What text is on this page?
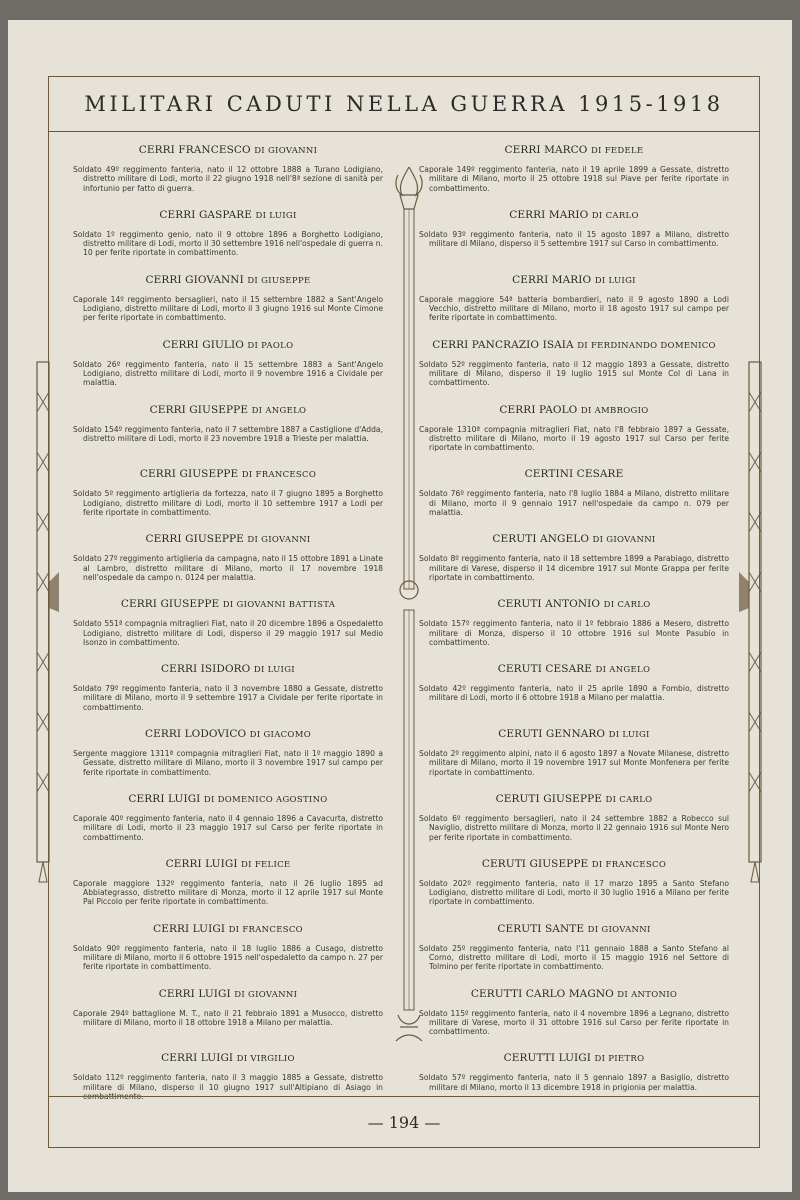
MILITARI CADUTI NELLA GUERRA 1915-1918
CERRI FRANCESCO DI GIOVANNI
Soldato 49º reggimento fanteria, nato il 12 ottobre 1888 a Turano Lodigiano, distretto militare di Lodi, morto il 22 giugno 1918 nell'8ª sezione di sanità per infortunio per fatto di guerra.
CERRI GASPARE DI LUIGI
Soldato 1º reggimento genio, nato il 9 ottobre 1896 a Borghetto Lodigiano, distretto militare di Lodi, morto il 30 settembre 1916 nell'ospedale di guerra n. 10 per ferite riportate in combattimento.
CERRI GIOVANNI DI GIUSEPPE
Caporale 14º reggimento bersaglieri, nato il 15 settembre 1882 a Sant'Angelo Lodigiano, distretto militare di Lodi, morto il 3 giugno 1916 sul Monte Cimone per ferite riportate in combattimento.
CERRI GIULIO DI PAOLO
Soldato 26º reggimento fanteria, nato il 15 settembre 1883 a Sant'Angelo Lodigiano, distretto militare di Lodi, morto il 9 novembre 1916 a Cividale per malattia.
CERRI GIUSEPPE DI ANGELO
Soldato 154º reggimento fanteria, nato il 7 settembre 1887 a Castiglione d'Adda, distretto militare di Lodi, morto il 23 novembre 1918 a Trieste per malattia.
CERRI GIUSEPPE DI FRANCESCO
Soldato 5º reggimento artiglieria da fortezza, nato il 7 giugno 1895 a Borghetto Lodigiano, distretto militare di Lodi, morto il 10 settembre 1917 a Lodi per ferite riportate in combattimento.
CERRI GIUSEPPE DI GIOVANNI
Soldato 27º reggimento artiglieria da campagna, nato il 15 ottobre 1891 a Linate al Lambro, distretto militare di Milano, morto il 17 novembre 1918 nell'ospedale da campo n. 0124 per malattia.
CERRI GIUSEPPE DI GIOVANNI BATTISTA
Soldato 551ª compagnia mitraglieri Fiat, nato il 20 dicembre 1896 a Ospedaletto Lodigiano, distretto militare di Lodi, disperso il 29 maggio 1917 sul Medio Isonzo in combattimento.
CERRI ISIDORO DI LUIGI
Soldato 79º reggimento fanteria, nato il 3 novembre 1880 a Gessate, distretto militare di Milano, morto il 9 settembre 1917 a Cividale per ferite riportate in combattimento.
CERRI LODOVICO DI GIACOMO
Sergente maggiore 1311ª compagnia mitraglieri Fiat, nato il 1º maggio 1890 a Gessate, distretto militare di Milano, morto il 3 novembre 1917 sul campo per ferite riportate in combattimento.
CERRI LUIGI DI DOMENICO AGOSTINO
Caporale 40º reggimento fanteria, nato il 4 gennaio 1896 a Cavacurta, distretto militare di Lodi, morto il 23 maggio 1917 sul Carso per ferite riportate in combattimento.
CERRI LUIGI DI FELICE
Caporale maggiore 132º reggimento fanteria, nato il 26 luglio 1895 ad Abbiategrasso, distretto militare di Monza, morto il 12 aprile 1917 sul Monte Pal Piccolo per ferite riportate in combattimento.
CERRI LUIGI DI FRANCESCO
Soldato 90º reggimento fanteria, nato il 18 luglio 1886 a Cusago, distretto militare di Milano, morto il 6 ottobre 1915 nell'ospedaletto da campo n. 27 per ferite riportate in combattimento.
CERRI LUIGI DI GIOVANNI
Caporale 294º battaglione M. T., nato il 21 febbraio 1891 a Musocco, distretto militare di Milano, morto il 18 ottobre 1918 a Milano per malattia.
CERRI LUIGI DI VIRGILIO
Soldato 112º reggimento fanteria, nato il 3 maggio 1885 a Gessate, distretto militare di Milano, disperso il 10 giugno 1917 sull'Altipiano di Asiago in combattimento.
CERRI MARCO DI FEDELE
Caporale 149º reggimento fanteria, nato il 19 aprile 1899 a Gessate, distretto militare di Milano, morto il 25 ottobre 1918 sul Piave per ferite riportate in combattimento.
CERRI MARIO DI CARLO
Soldato 93º reggimento fanteria, nato il 15 agosto 1897 a Milano, distretto militare di Milano, disperso il 5 settembre 1917 sul Carso in combattimento.
CERRI MARIO DI LUIGI
Caporale maggiore 54ª batteria bombardieri, nato il 9 agosto 1890 a Lodi Vecchio, distretto militare di Milano, morto il 18 agosto 1917 sul campo per ferite riportate in combattimento.
CERRI PANCRAZIO ISAIA DI FERDINANDO DOMENICO
Soldato 52º reggimento fanteria, nato il 12 maggio 1893 a Gessate, distretto militare di Milano, disperso il 19 luglio 1915 sul Monte Col di Lana in combattimento.
CERRI PAOLO DI AMBROGIO
Caporale 1310ª compagnia mitraglieri Fiat, nato l'8 febbraio 1897 a Gessate, distretto militare di Milano, morto il 19 agosto 1917 sul Carso per ferite riportate in combattimento.
CERTINI CESARE
Soldato 76º reggimento fanteria, nato l'8 luglio 1884 a Milano, distretto militare di Milano, morto il 9 gennaio 1917 nell'ospedale da campo n. 079 per malattia.
CERUTI ANGELO DI GIOVANNI
Soldato 8º reggimento fanteria, nato il 18 settembre 1899 a Parabiago, distretto militare di Varese, disperso il 14 dicembre 1917 sul Monte Grappa per ferite riportate in combattimento.
CERUTI ANTONIO DI CARLO
Soldato 157º reggimento fanteria, nato il 1º febbraio 1886 a Mesero, distretto militare di Monza, disperso il 10 ottobre 1916 sul Monte Pasubio in combattimento.
CERUTI CESARE DI ANGELO
Soldato 42º reggimento fanteria, nato il 25 aprile 1890 a Fombio, distretto militare di Lodi, morto il 6 ottobre 1918 a Milano per malattia.
CERUTI GENNARO DI LUIGI
Soldato 2º reggimento alpini, nato il 6 agosto 1897 a Novate Milanese, distretto militare di Milano, morto il 19 novembre 1917 sul Monte Monfenera per ferite riportate in combattimento.
CERUTI GIUSEPPE DI CARLO
Soldato 6º reggimento bersaglieri, nato il 24 settembre 1882 a Robecco sul Naviglio, distretto militare di Monza, morto il 22 gennaio 1916 sul Monte Nero per ferite riportate in combattimento.
CERUTI GIUSEPPE DI FRANCESCO
Soldato 202º reggimento fanteria, nato il 17 marzo 1895 a Santo Stefano Lodigiano, distretto militare di Lodi, morto il 30 luglio 1916 a Milano per ferite riportate in combattimento.
CERUTI SANTE DI GIOVANNI
Soldato 25º reggimento fanteria, nato l'11 gennaio 1888 a Santo Stefano al Corno, distretto militare di Lodi, morto il 15 maggio 1916 nel Settore di Tolmino per ferite riportate in combattimento.
CERUTTI CARLO MAGNO DI ANTONIO
Soldato 115º reggimento fanteria, nato il 4 novembre 1896 a Legnano, distretto militare di Varese, morto il 31 ottobre 1916 sul Carso per ferite riportate in combattimento.
CERUTTI LUIGI DI PIETRO
Soldato 57º reggimento fanteria, nato il 5 gennaio 1897 a Basiglio, distretto militare di Milano, morto il 13 dicembre 1918 in prigionia per malattia.
— 194 —
